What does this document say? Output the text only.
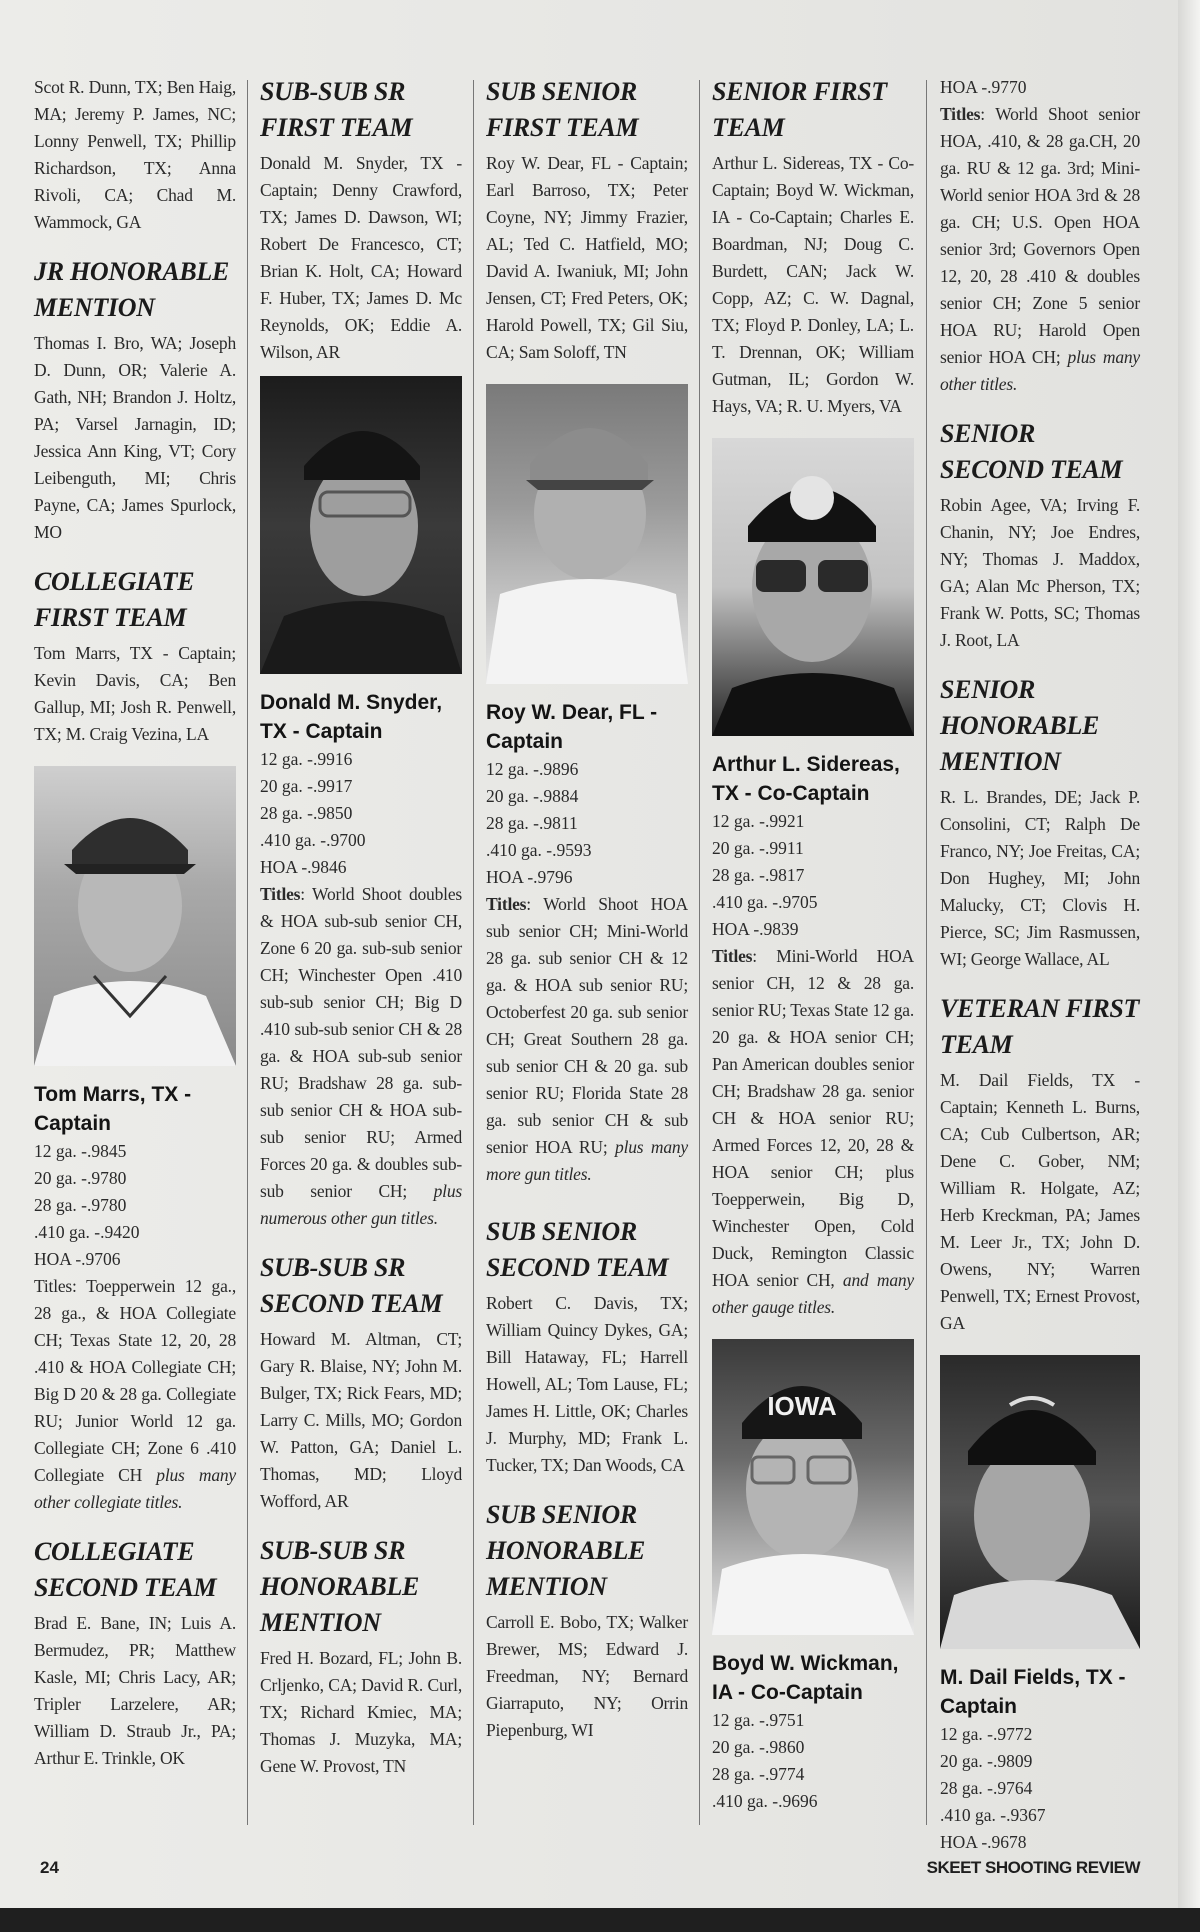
Scot R. Dunn, TX; Ben Haig, MA; Jeremy P. James, NC; Lonny Penwell, TX; Phillip Richardson, TX; Anna Rivoli, CA; Chad M. Wammock, GA

JR HONORABLE MENTION

Thomas I. Bro, WA; Joseph D. Dunn, OR; Valerie A. Gath, NH; Brandon J. Holtz, PA; Varsel Jarnagin, ID; Jessica Ann King, VT; Cory Leibenguth, MI; Chris Payne, CA; James Spurlock, MO

COLLEGIATE FIRST TEAM

Tom Marrs, TX - Captain; Kevin Davis, CA; Ben Gallup, MI; Josh R. Penwell, TX; M. Craig Vezina, LA

Tom Marrs, TX - Captain

12 ga. -.9845

20 ga. -.9780

28 ga. -.9780

.410 ga. -.9420

HOA -.9706

Titles: Toepperwein 12 ga., 28 ga., & HOA Collegiate CH; Texas State 12, 20, 28 .410 & HOA Collegiate CH; Big D 20 & 28 ga. Collegiate RU; Junior World 12 ga. Collegiate CH; Zone 6 .410 Collegiate CH plus many other collegiate titles.

COLLEGIATE SECOND TEAM

Brad E. Bane, IN; Luis A. Bermudez, PR; Matthew Kasle, MI; Chris Lacy, AR; Tripler Larzelere, AR; William D. Straub Jr., PA; Arthur E. Trinkle, OK

SUB-SUB SR FIRST TEAM

Donald M. Snyder, TX - Captain; Denny Crawford, TX; James D. Dawson, WI; Robert De Francesco, CT; Brian K. Holt, CA; Howard F. Huber, TX; James D. Mc Reynolds, OK; Eddie A. Wilson, AR

Donald M. Snyder, TX - Captain

12 ga. -.9916

20 ga. -.9917

28 ga. -.9850

.410 ga. -.9700

HOA -.9846

Titles: World Shoot doubles & HOA sub-sub senior CH, Zone 6 20 ga. sub-sub senior CH; Winchester Open .410 sub-sub senior CH; Big D .410 sub-sub senior CH & 28 ga. & HOA sub-sub senior RU; Bradshaw 28 ga. sub-sub senior CH & HOA sub-sub senior RU; Armed Forces 20 ga. & doubles sub-sub senior CH; plus numerous other gun titles.

SUB-SUB SR SECOND TEAM

Howard M. Altman, CT; Gary R. Blaise, NY; John M. Bulger, TX; Rick Fears, MD; Larry C. Mills, MO; Gordon W. Patton, GA; Daniel L. Thomas, MD; Lloyd Wofford, AR

SUB-SUB SR HONORABLE MENTION

Fred H. Bozard, FL; John B. Crljenko, CA; David R. Curl, TX; Richard Kmiec, MA; Thomas J. Muzyka, MA; Gene W. Provost, TN

SUB SENIOR FIRST TEAM

Roy W. Dear, FL - Captain; Earl Barroso, TX; Peter Coyne, NY; Jimmy Frazier, AL; Ted C. Hatfield, MO; David A. Iwaniuk, MI; John Jensen, CT; Fred Peters, OK; Harold Powell, TX; Gil Siu, CA; Sam Soloff, TN

Roy W. Dear, FL - Captain

12 ga. -.9896

20 ga. -.9884

28 ga. -.9811

.410 ga. -.9593

HOA -.9796

Titles: World Shoot HOA sub senior CH; Mini-World 28 ga. sub senior CH & 12 ga. & HOA sub senior RU; Octoberfest 20 ga. sub senior CH; Great Southern 28 ga. sub senior CH & 20 ga. sub senior RU; Florida State 28 ga. sub senior CH & sub senior HOA RU; plus many more gun titles.

SUB SENIOR SECOND TEAM

Robert C. Davis, TX; William Quincy Dykes, GA; Bill Hataway, FL; Harrell Howell, AL; Tom Lause, FL; James H. Little, OK; Charles J. Murphy, MD; Frank L. Tucker, TX; Dan Woods, CA

SUB SENIOR HONORABLE MENTION

Carroll E. Bobo, TX; Walker Brewer, MS; Edward J. Freedman, NY; Bernard Giarraputo, NY; Orrin Piepenburg, WI

SENIOR FIRST TEAM

Arthur L. Sidereas, TX - Co-Captain; Boyd W. Wickman, IA - Co-Captain; Charles E. Boardman, NJ; Doug C. Burdett, CAN; Jack W. Copp, AZ; C. W. Dagnal, TX; Floyd P. Donley, LA; L. T. Drennan, OK; William Gutman, IL; Gordon W. Hays, VA; R. U. Myers, VA

Arthur L. Sidereas, TX - Co-Captain

12 ga. -.9921

20 ga. -.9911

28 ga. -.9817

.410 ga. -.9705

HOA -.9839

Titles: Mini-World HOA senior CH, 12 & 28 ga. senior RU; Texas State 12 ga. 20 ga. & HOA senior CH; Pan American doubles senior CH; Bradshaw 28 ga. senior CH & HOA senior RU; Armed Forces 12, 20, 28 & HOA senior CH; plus Toepperwein, Big D, Winchester Open, Cold Duck, Remington Classic HOA senior CH, and many other gauge titles.

IOWA

Boyd W. Wickman, IA - Co-Captain

12 ga. -.9751

20 ga. -.9860

28 ga. -.9774

.410 ga. -.9696

HOA -.9770

Titles: World Shoot senior HOA, .410, & 28 ga.CH, 20 ga. RU & 12 ga. 3rd; Mini-World senior HOA 3rd & 28 ga. CH; U.S. Open HOA senior 3rd; Governors Open 12, 20, 28 .410 & doubles senior CH; Zone 5 senior HOA RU; Harold Open senior HOA CH; plus many other titles.

SENIOR SECOND TEAM

Robin Agee, VA; Irving F. Chanin, NY; Joe Endres, NY; Thomas J. Maddox, GA; Alan Mc Pherson, TX; Frank W. Potts, SC; Thomas J. Root, LA

SENIOR HONORABLE MENTION

R. L. Brandes, DE; Jack P. Consolini, CT; Ralph De Franco, NY; Joe Freitas, CA; Don Hughey, MI; John Malucky, CT; Clovis H. Pierce, SC; Jim Rasmussen, WI; George Wallace, AL

VETERAN FIRST TEAM

M. Dail Fields, TX - Captain; Kenneth L. Burns, CA; Cub Culbertson, AR; Dene C. Gober, NM; William R. Holgate, AZ; Herb Kreckman, PA; James M. Leer Jr., TX; John D. Owens, NY; Warren Penwell, TX; Ernest Provost, GA

M. Dail Fields, TX - Captain

12 ga. -.9772

20 ga. -.9809

28 ga. -.9764

.410 ga. -.9367

HOA -.9678

24	SKEET SHOOTING REVIEW
